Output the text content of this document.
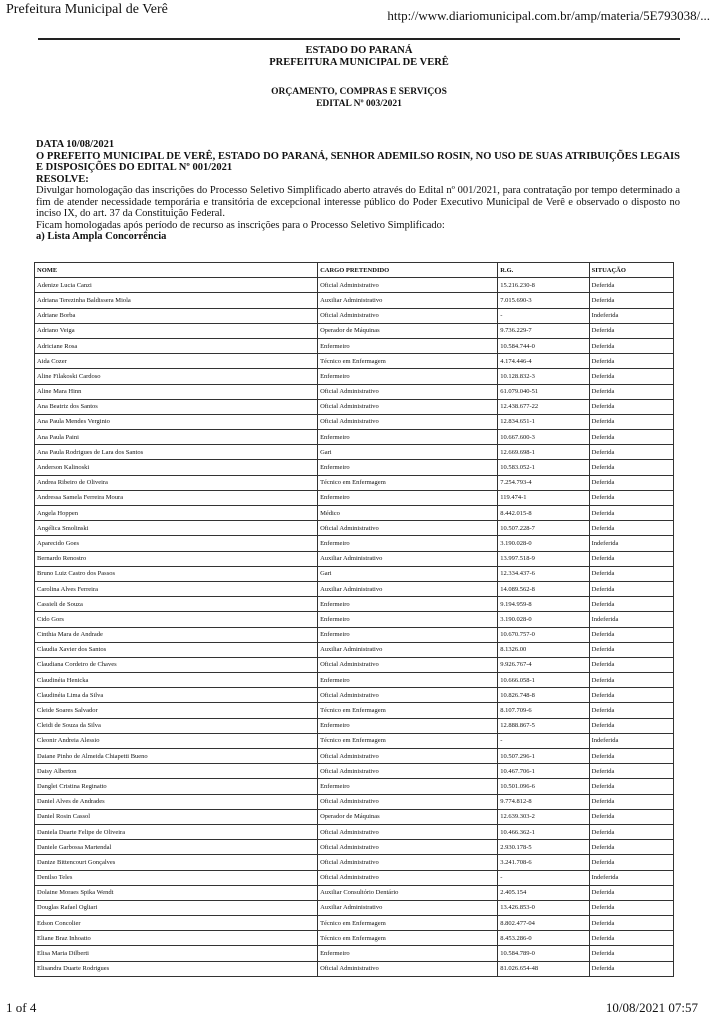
Prefeitura Municipal de Verê	http://www.diariomunicipal.com.br/amp/materia/5E793038/...
ESTADO DO PARANÁ
PREFEITURA MUNICIPAL DE VERÊ
ORÇAMENTO, COMPRAS E SERVIÇOS
EDITAL Nº 003/2021
DATA 10/08/2021
O PREFEITO MUNICIPAL DE VERÊ, ESTADO DO PARANÁ, SENHOR ADEMILSO ROSIN, NO USO DE SUAS ATRIBUIÇÕES LEGAIS E DISPOSIÇÕES DO EDITAL Nº 001/2021
RESOLVE:
Divulgar homologação das inscrições do Processo Seletivo Simplificado aberto através do Edital nº 001/2021, para contratação por tempo determinado a fim de atender necessidade temporária e transitória de excepcional interesse público do Poder Executivo Municipal de Verê e observado o disposto no inciso IX, do art. 37 da Constituição Federal.
Ficam homologadas após período de recurso as inscrições para o Processo Seletivo Simplificado:
a) Lista Ampla Concorrência
NOME	CARGO PRETENDIDO	R.G.	SITUAÇÃO
Adenize Lucia Canzi	Oficial Administrativo	15.216.230-8	Deferida
Adriana Terezinha Baldissera Miola	Auxiliar Administrativo	7.015.690-3	Deferida
Adriane Borba	Oficial Administrativo	-	Indeferida
Adriano Veiga	Operador de Máquinas	9.736.229-7	Deferida
Adriciane Rosa	Enfermeiro	10.584.744-0	Deferida
Aida Cozer	Técnico em Enfermagem	4.174.446-4	Deferida
Aline Filakoski Cardoso	Enfermeiro	10.128.832-3	Deferida
Aline Mara Hinn	Oficial Administrativo	61.079.040-51	Deferida
Ana Beatriz dos Santos	Oficial Administrativo	12.438.677-22	Deferida
Ana Paula Mendes Verginio	Oficial Administrativo	12.834.651-1	Deferida
Ana Paula Paini	Enfermeiro	10.667.600-3	Deferida
Ana Paula Rodrigues de Lara dos Santos	Gari	12.669.698-1	Deferida
Anderson Kalinoski	Enfermeiro	10.583.052-1	Deferida
Andrea Ribeiro de Oliveira	Técnico em Enfermagem	7.254.793-4	Deferida
Andressa Samela Ferreira Moura	Enfermeiro	119.474-1	Deferida
Angela Hoppen	Médico	8.442.015-8	Deferida
Angélica Smolinski	Oficial Administrativo	10.507.228-7	Deferida
Aparecido Goes	Enfermeiro	3.190.028-0	Indeferida
Bernardo Renostro	Auxiliar Administrativo	13.997.518-9	Deferida
Bruno Luiz Castro dos Passos	Gari	12.334.437-6	Deferida
Carolina Alves Ferreira	Auxiliar Administrativo	14.089.562-8	Deferida
Cassieli de Souza	Enfermeiro	9.194.959-8	Deferida
Cido Gors	Enfermeiro	3.190.028-0	Indeferida
Cinthia Mara de Andrade	Enfermeiro	10.670.757-0	Deferida
Claudia Xavier dos Santos	Auxiliar Administrativo	8.1326.00	Deferida
Claudiana Cordeiro de Chaves	Oficial Administrativo	9.926.767-4	Deferida
Claudinéia Henicka	Enfermeiro	10.666.058-1	Deferida
Claudinéia Lima da Silva	Oficial Administrativo	10.826.748-8	Deferida
Cleide Soares Salvador	Técnico em Enfermagem	8.107.709-6	Deferida
Cleidi de Souza da Silva	Enfermeiro	12.888.867-5	Deferida
Cleonir Andreia Alessio	Técnico em Enfermagem	-	Indeferida
Daiane Pinho de Almeida Chiapetti Bueno	Oficial Administrativo	10.507.296-1	Deferida
Daisy Alberton	Oficial Administrativo	10.467.706-1	Deferida
Danglei Cristina Reginatto	Enfermeiro	10.501.096-6	Deferida
Daniel Alves de Andrades	Oficial Administrativo	9.774.812-8	Deferida
Daniel Rosin Cassol	Operador de Máquinas	12.639.303-2	Deferida
Daniela Duarte Felipe de Oliveira	Oficial Administrativo	10.466.362-1	Deferida
Daniele Garbossa Martendal	Oficial Administrativo	2.930.178-5	Deferida
Danize Bittencourt Gonçalves	Oficial Administrativo	3.241.708-6	Deferida
Denilso Teles	Oficial Administrativo	-	Indeferida
Dolaine Moraes Spika Wendt	Auxiliar Consultório Dentário	2.405.154	Deferida
Douglas Rafael Ogliari	Auxiliar Administrativo	13.426.853-0	Deferida
Edson Concolier	Técnico em Enfermagem	8.802.477-04	Deferida
Eliane Braz Inhoatto	Técnico em Enfermagem	8.453.286-0	Deferida
Elisa Maria Dilberti	Enfermeiro	10.584.789-0	Deferida
Elisandra Duarte Rodrigues	Oficial Administrativo	81.026.654-48	Deferida
1 of 4	10/08/2021 07:57
